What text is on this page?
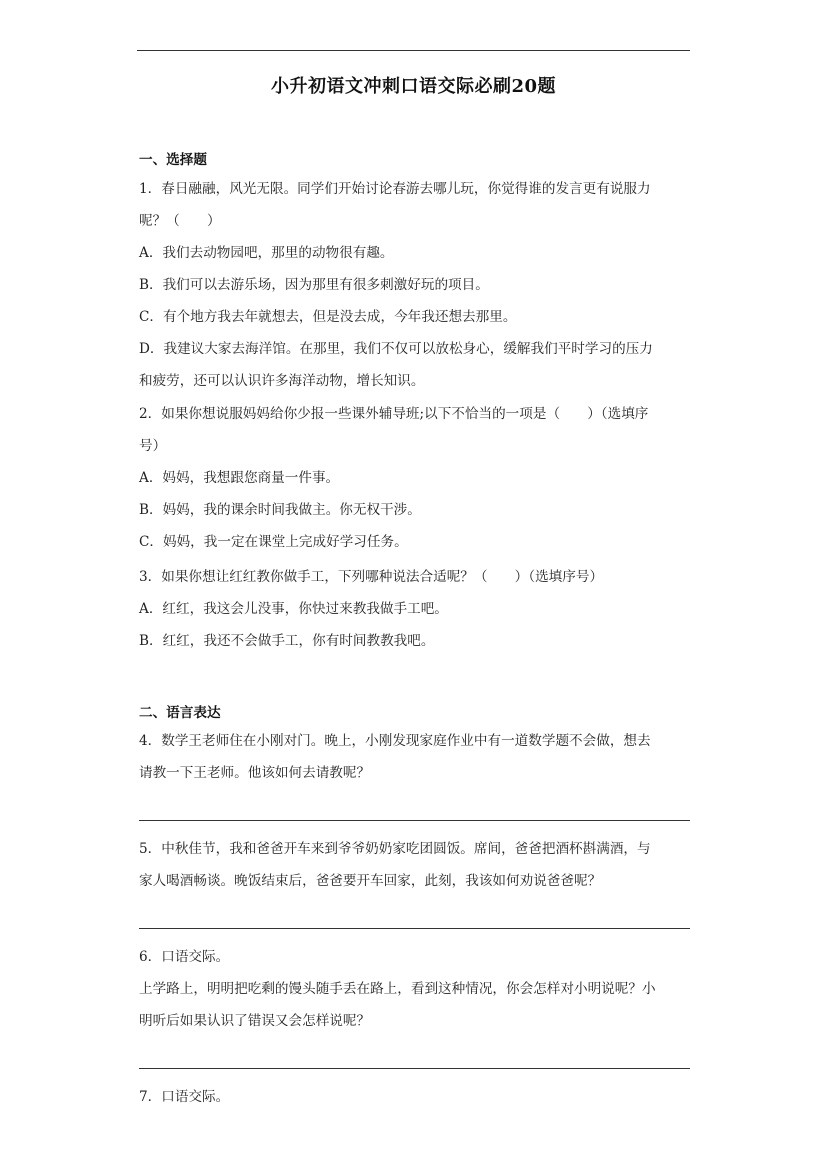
小升初语文冲刺口语交际必刷20题
一、选择题
1．春日融融，风光无限。同学们开始讨论春游去哪儿玩，你觉得谁的发言更有说服力
呢？（　　）
A．我们去动物园吧，那里的动物很有趣。
B．我们可以去游乐场，因为那里有很多刺激好玩的项目。
C．有个地方我去年就想去，但是没去成，今年我还想去那里。
D．我建议大家去海洋馆。在那里，我们不仅可以放松身心，缓解我们平时学习的压力
和疲劳，还可以认识许多海洋动物，增长知识。
2．如果你想说服妈妈给你少报一些课外辅导班;以下不恰当的一项是（　　）（选填序
号）
A．妈妈，我想跟您商量一件事。
B．妈妈，我的课余时间我做主。你无权干涉。
C．妈妈，我一定在课堂上完成好学习任务。
3．如果你想让红红教你做手工，下列哪种说法合适呢？（　　）（选填序号）
A．红红，我这会儿没事，你快过来教我做手工吧。
B．红红，我还不会做手工，你有时间教教我吧。
二、语言表达
4．数学王老师住在小刚对门。晚上，小刚发现家庭作业中有一道数学题不会做，想去
请教一下王老师。他该如何去请教呢？
5．中秋佳节，我和爸爸开车来到爷爷奶奶家吃团圆饭。席间，爸爸把酒杯斟满酒，与
家人喝酒畅谈。晚饭结束后，爸爸要开车回家，此刻，我该如何劝说爸爸呢？
6．口语交际。
上学路上，明明把吃剩的馒头随手丢在路上，看到这种情况，你会怎样对小明说呢？小
明听后如果认识了错误又会怎样说呢？
7．口语交际。
